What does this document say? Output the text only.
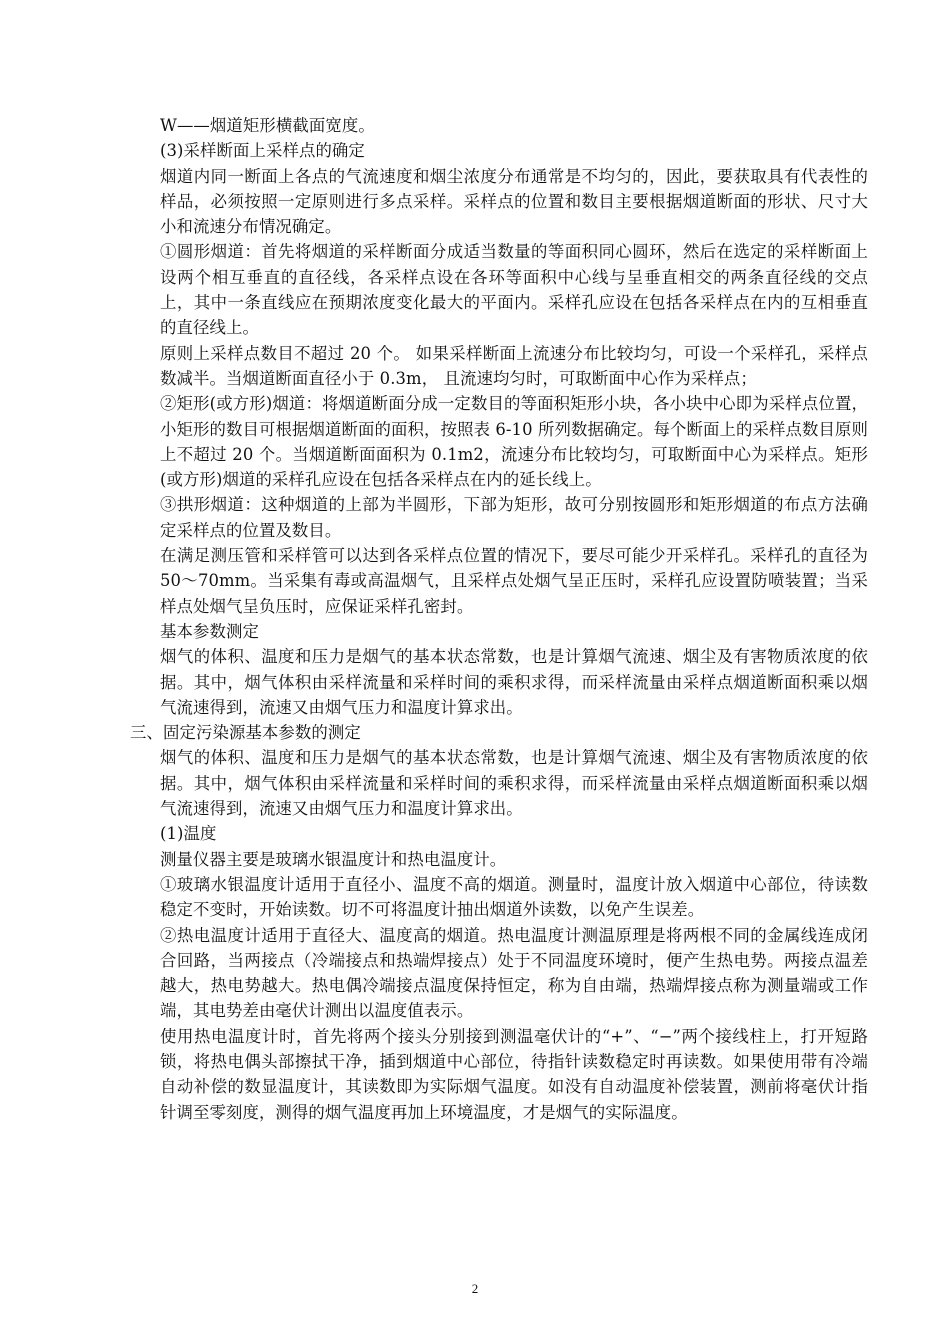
W——烟道矩形横截面宽度。

(3)采样断面上采样点的确定

烟道内同一断面上各点的气流速度和烟尘浓度分布通常是不均匀的，因此，要获取具有代表性的样品，必须按照一定原则进行多点采样。采样点的位置和数目主要根据烟道断面的形状、尺寸大小和流速分布情况确定。

①圆形烟道：首先将烟道的采样断面分成适当数量的等面积同心圆环，然后在选定的采样断面上设两个相互垂直的直径线，各采样点设在各环等面积中心线与呈垂直相交的两条直径线的交点上，其中一条直线应在预期浓度变化最大的平面内。采样孔应设在包括各采样点在内的互相垂直的直径线上。

原则上采样点数目不超过 20 个。 如果采样断面上流速分布比较均匀，可设一个采样孔，采样点数减半。当烟道断面直径小于 0.3m， 且流速均匀时，可取断面中心作为采样点；

②矩形(或方形)烟道：将烟道断面分成一定数目的等面积矩形小块，各小块中心即为采样点位置，小矩形的数目可根据烟道断面的面积，按照表 6-10 所列数据确定。每个断面上的采样点数目原则上不超过 20 个。当烟道断面面积为 0.1m2，流速分布比较均匀，可取断面中心为采样点。矩形(或方形)烟道的采样孔应设在包括各采样点在内的延长线上。

③拱形烟道：这种烟道的上部为半圆形，下部为矩形，故可分别按圆形和矩形烟道的布点方法确定采样点的位置及数目。

在满足测压管和采样管可以达到各采样点位置的情况下，要尽可能少开采样孔。采样孔的直径为 50～70mm。当采集有毒或高温烟气，且采样点处烟气呈正压时，采样孔应设置防喷装置；当采样点处烟气呈负压时，应保证采样孔密封。

基本参数测定

烟气的体积、温度和压力是烟气的基本状态常数，也是计算烟气流速、烟尘及有害物质浓度的依据。其中，烟气体积由采样流量和采样时间的乘积求得，而采样流量由采样点烟道断面积乘以烟气流速得到，流速又由烟气压力和温度计算求出。

三、固定污染源基本参数的测定

烟气的体积、温度和压力是烟气的基本状态常数，也是计算烟气流速、烟尘及有害物质浓度的依据。其中，烟气体积由采样流量和采样时间的乘积求得，而采样流量由采样点烟道断面积乘以烟气流速得到，流速又由烟气压力和温度计算求出。

(1)温度

测量仪器主要是玻璃水银温度计和热电温度计。

①玻璃水银温度计适用于直径小、温度不高的烟道。测量时，温度计放入烟道中心部位，待读数稳定不变时，开始读数。切不可将温度计抽出烟道外读数，以免产生误差。

②热电温度计适用于直径大、温度高的烟道。热电温度计测温原理是将两根不同的金属线连成闭合回路，当两接点（冷端接点和热端焊接点）处于不同温度环境时，便产生热电势。两接点温差越大，热电势越大。热电偶冷端接点温度保持恒定，称为自由端，热端焊接点称为测量端或工作端，其电势差由毫伏计测出以温度值表示。

使用热电温度计时，首先将两个接头分别接到测温毫伏计的“+”、“−”两个接线柱上，打开短路锁，将热电偶头部擦拭干净，插到烟道中心部位，待指针读数稳定时再读数。如果使用带有冷端自动补偿的数显温度计，其读数即为实际烟气温度。如没有自动温度补偿装置，测前将毫伏计指针调至零刻度，测得的烟气温度再加上环境温度，才是烟气的实际温度。

2
